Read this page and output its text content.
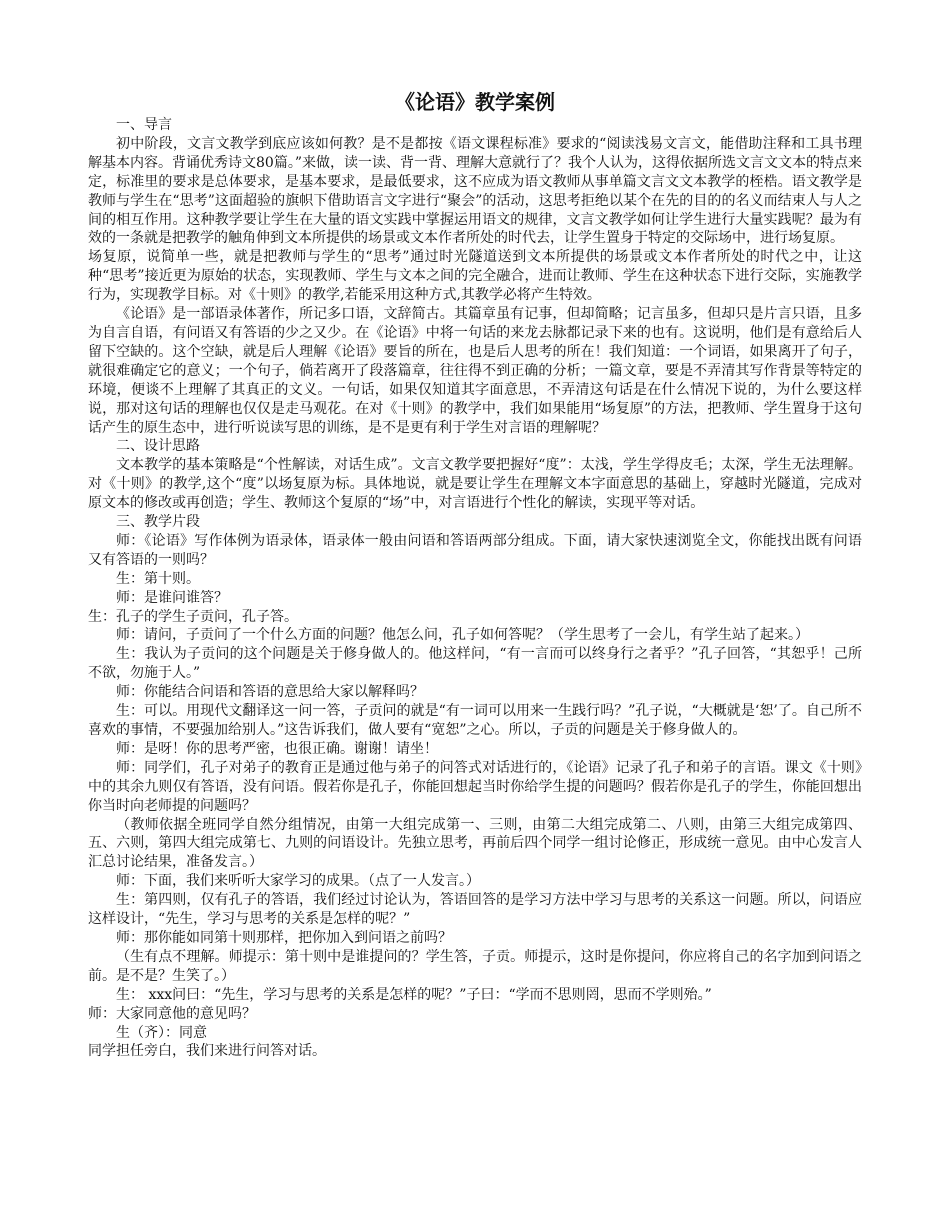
《论语》教学案例

一、导言

初中阶段，文言文教学到底应该如何教？是不是都按《语文课程标准》要求的“阅读浅易文言文，能借助注释和工具书理解基本内容。背诵优秀诗文80篇。”来做，读一读、背一背、理解大意就行了？我个人认为，这得依据所选文言文文本的特点来定，标准里的要求是总体要求，是基本要求，是最低要求，这不应成为语文教师从事单篇文言文文本教学的桎梏。语文教学是教师与学生在“思考”这面超验的旗帜下借助语言文字进行“聚会”的活动，这思考拒绝以某个在先的目的的名义而结束人与人之间的相互作用。这种教学要让学生在大量的语文实践中掌握运用语文的规律，文言文教学如何让学生进行大量实践呢？最为有效的一条就是把教学的触角伸到文本所提供的场景或文本作者所处的时代去，让学生置身于特定的交际场中，进行场复原。

场复原，说简单一些，就是把教师与学生的“思考”通过时光隧道送到文本所提供的场景或文本作者所处的时代之中，让这种“思考”接近更为原始的状态，实现教师、学生与文本之间的完全融合，进而让教师、学生在这种状态下进行交际，实施教学行为，实现教学目标。对《十则》的教学,若能采用这种方式,其教学必将产生特效。

《论语》是一部语录体著作，所记多口语，文辞简古。其篇章虽有记事，但却简略；记言虽多，但却只是片言只语，且多为自言自语，有问语又有答语的少之又少。在《论语》中将一句话的来龙去脉都记录下来的也有。这说明，他们是有意给后人留下空缺的。这个空缺，就是后人理解《论语》要旨的所在，也是后人思考的所在！我们知道：一个词语，如果离开了句子，就很难确定它的意义；一个句子，倘若离开了段落篇章，往往得不到正确的分析；一篇文章，要是不弄清其写作背景等特定的环境，便谈不上理解了其真正的文义。一句话，如果仅知道其字面意思，不弄清这句话是在什么情况下说的，为什么要这样说，那对这句话的理解也仅仅是走马观花。在对《十则》的教学中，我们如果能用“场复原”的方法，把教师、学生置身于这句话产生的原生态中，进行听说读写思的训练，是不是更有利于学生对言语的理解呢？

二、设计思路

文本教学的基本策略是“个性解读，对话生成”。文言文教学要把握好“度”：太浅，学生学得皮毛；太深，学生无法理解。对《十则》的教学,这个“度”以场复原为标。具体地说，就是要让学生在理解文本字面意思的基础上，穿越时光隧道，完成对原文本的修改或再创造；学生、教师这个复原的“场”中，对言语进行个性化的解读，实现平等对话。

三、教学片段

师：《论语》写作体例为语录体，语录体一般由问语和答语两部分组成。下面，请大家快速浏览全文，你能找出既有问语又有答语的一则吗？

生：第十则。

师：是谁问谁答？

生：孔子的学生子贡问，孔子答。

师：请问，子贡问了一个什么方面的问题？他怎么问，孔子如何答呢？（学生思考了一会儿，有学生站了起来。）

生：我认为子贡问的这个问题是关于修身做人的。他这样问，“有一言而可以终身行之者乎？”孔子回答，“其恕乎！己所不欲，勿施于人。”

师：你能结合问语和答语的意思给大家以解释吗？

生：可以。用现代文翻译这一问一答，子贡问的就是“有一词可以用来一生践行吗？”孔子说，“大概就是‘恕’了。自己所不喜欢的事情，不要强加给别人。”这告诉我们，做人要有“宽恕”之心。所以，子贡的问题是关于修身做人的。

师：是呀！你的思考严密，也很正确。谢谢！请坐！

师：同学们，孔子对弟子的教育正是通过他与弟子的问答式对话进行的，《论语》记录了孔子和弟子的言语。课文《十则》中的其余九则仅有答语，没有问语。假若你是孔子，你能回想起当时你给学生提的问题吗？假若你是孔子的学生，你能回想出你当时向老师提的问题吗？

（教师依据全班同学自然分组情况，由第一大组完成第一、三则，由第二大组完成第二、八则，由第三大组完成第四、五、六则，第四大组完成第七、九则的问语设计。先独立思考，再前后四个同学一组讨论修正，形成统一意见。由中心发言人汇总讨论结果，准备发言。）

师：下面，我们来听听大家学习的成果。（点了一人发言。）

生：第四则，仅有孔子的答语，我们经过讨论认为，答语回答的是学习方法中学习与思考的关系这一问题。所以，问语应这样设计，“先生，学习与思考的关系是怎样的呢？”

师：那你能如同第十则那样，把你加入到问语之前吗？

（生有点不理解。师提示：第十则中是谁提问的？学生答，子贡。师提示，这时是你提问，你应将自己的名字加到问语之前。是不是？生笑了。）

生： xxx问曰：“先生，学习与思考的关系是怎样的呢？”子曰：“学而不思则罔，思而不学则殆。”

师：大家同意他的意见吗？

生（齐）：同意

同学担任旁白，我们来进行问答对话。
